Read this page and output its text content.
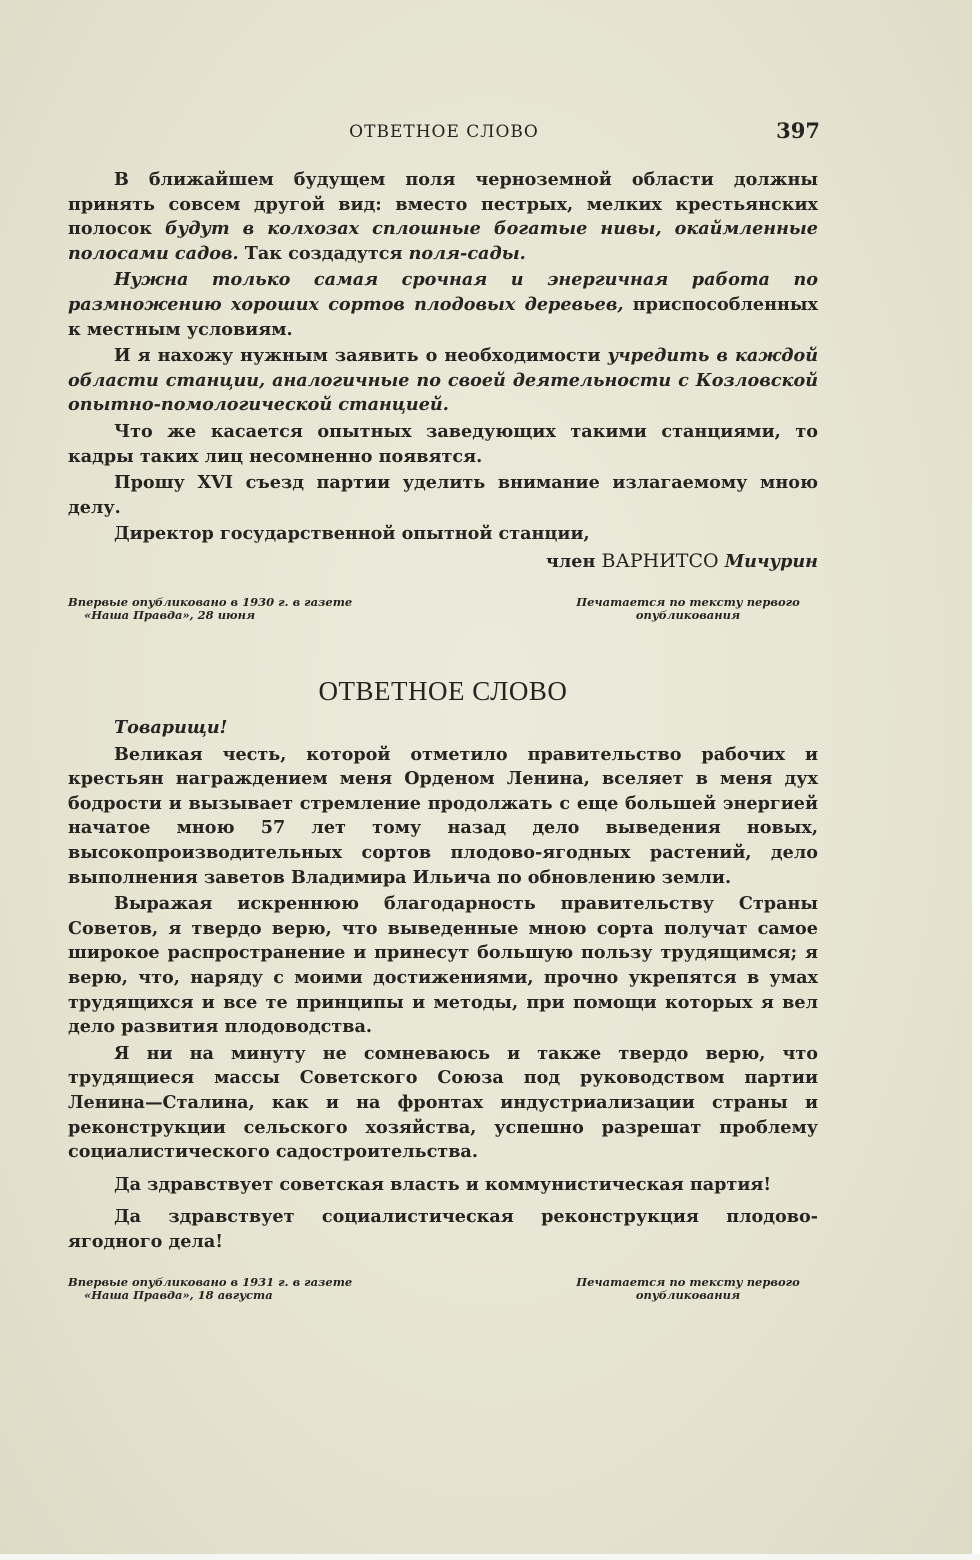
ОТВЕТНОЕ СЛОВО	397

В ближайшем будущем поля черноземной области должны принять совсем другой вид: вместо пестрых, мелких крестьянских полосок будут в колхозах сплошные богатые нивы, окаймленные полосами садов. Так создадутся поля-сады.

Нужна только самая срочная и энергичная работа по размножению хороших сортов плодовых деревьев, приспособленных к местным условиям.

И я нахожу нужным заявить о необходимости учредить в каждой области станции, аналогичные по своей деятельности с Козловской опытно-помологической станцией.

Что же касается опытных заведующих такими станциями, то кадры таких лиц несомненно появятся.

Прошу XVI съезд партии уделить внимание излагаемому мною делу.

Директор государственной опытной станции,

член ВАРНИТСО Мичурин

Впервые опубликовано в 1930 г. в газете
«Наша Правда», 28 июня
Печатается по тексту первого
опубликования
ОТВЕТНОЕ СЛОВО

Товарищи!

Великая честь, которой отметило правительство рабочих и крестьян награждением меня Орденом Ленина, вселяет в меня дух бодрости и вызывает стремление продолжать с еще большей энергией начатое мною 57 лет тому назад дело выведения новых, высокопроизводительных сортов плодово-ягодных растений, дело выполнения заветов Владимира Ильича по обновлению земли.

Выражая искреннюю благодарность правительству Страны Советов, я твердо верю, что выведенные мною сорта получат самое широкое распространение и принесут большую пользу трудящимся; я верю, что, наряду с моими достижениями, прочно укрепятся в умах трудящихся и все те принципы и методы, при помощи которых я вел дело развития плодоводства.

Я ни на минуту не сомневаюсь и также твердо верю, что трудящиеся массы Советского Союза под руководством партии Ленина—Сталина, как и на фронтах индустриализации страны и реконструкции сельского хозяйства, успешно разрешат проблему социалистического садостроительства.

Да здравствует советская власть и коммунистическая партия!

Да здравствует социалистическая реконструкция плодово-ягодного дела!

Впервые опубликовано в 1931 г. в газете
«Наша Правда», 18 августа
Печатается по тексту первого
опубликования
